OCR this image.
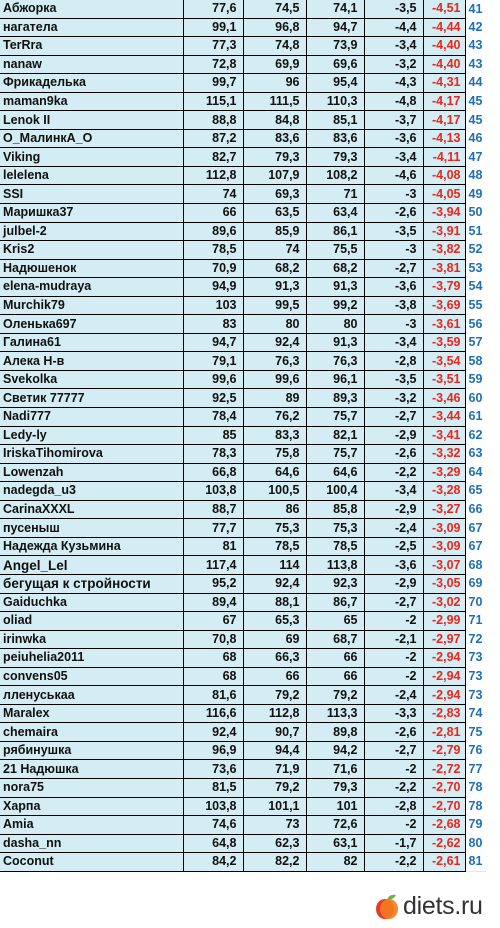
Абжорка	77,6	74,5	74,1	-3,5	-4,51	41
нагатела	99,1	96,8	94,7	-4,4	-4,44	42
TerRra	77,3	74,8	73,9	-3,4	-4,40	43
nanaw	72,8	69,9	69,6	-3,2	-4,40	43
Фрикаделька	99,7	96	95,4	-4,3	-4,31	44
maman9ka	115,1	111,5	110,3	-4,8	-4,17	45
Lenok II	88,8	84,8	85,1	-3,7	-4,17	45
О_МалинкА_О	87,2	83,6	83,6	-3,6	-4,13	46
Viking	82,7	79,3	79,3	-3,4	-4,11	47
lelelena	112,8	107,9	108,2	-4,6	-4,08	48
SSI	74	69,3	71	-3	-4,05	49
Маришка37	66	63,5	63,4	-2,6	-3,94	50
julbel-2	89,6	85,9	86,1	-3,5	-3,91	51
Kris2	78,5	74	75,5	-3	-3,82	52
Надюшенок	70,9	68,2	68,2	-2,7	-3,81	53
elena-mudraya	94,9	91,3	91,3	-3,6	-3,79	54
Murchik79	103	99,5	99,2	-3,8	-3,69	55
Оленька697	83	80	80	-3	-3,61	56
Галина61	94,7	92,4	91,3	-3,4	-3,59	57
Алека Н-в	79,1	76,3	76,3	-2,8	-3,54	58
Svekolka	99,6	99,6	96,1	-3,5	-3,51	59
Светик 77777	92,5	89	89,3	-3,2	-3,46	60
Nadi777	78,4	76,2	75,7	-2,7	-3,44	61
Ledy-ly	85	83,3	82,1	-2,9	-3,41	62
IriskaTihomirova	78,3	75,8	75,7	-2,6	-3,32	63
Lowenzah	66,8	64,6	64,6	-2,2	-3,29	64
nadegda_u3	103,8	100,5	100,4	-3,4	-3,28	65
CarinaXXXL	88,7	86	85,8	-2,9	-3,27	66
пусеныш	77,7	75,3	75,3	-2,4	-3,09	67
Надежда Кузьмина	81	78,5	78,5	-2,5	-3,09	67
Angel_Lel	117,4	114	113,8	-3,6	-3,07	68
бегущая к стройности	95,2	92,4	92,3	-2,9	-3,05	69
Gaiduchka	89,4	88,1	86,7	-2,7	-3,02	70
oliad	67	65,3	65	-2	-2,99	71
irinwka	70,8	69	68,7	-2,1	-2,97	72
peiuhelia2011	68	66,3	66	-2	-2,94	73
convens05	68	66	66	-2	-2,94	73
лленуськаа	81,6	79,2	79,2	-2,4	-2,94	73
Maralex	116,6	112,8	113,3	-3,3	-2,83	74
chemaira	92,4	90,7	89,8	-2,6	-2,81	75
рябинушка	96,9	94,4	94,2	-2,7	-2,79	76
21 Надюшка	73,6	71,9	71,6	-2	-2,72	77
nora75	81,5	79,2	79,3	-2,2	-2,70	78
Харпа	103,8	101,1	101	-2,8	-2,70	78
Amia	74,6	73	72,6	-2	-2,68	79
dasha_nn	64,8	62,3	63,1	-1,7	-2,62	80
Coconut	84,2	82,2	82	-2,2	-2,61	81
diets.ru
